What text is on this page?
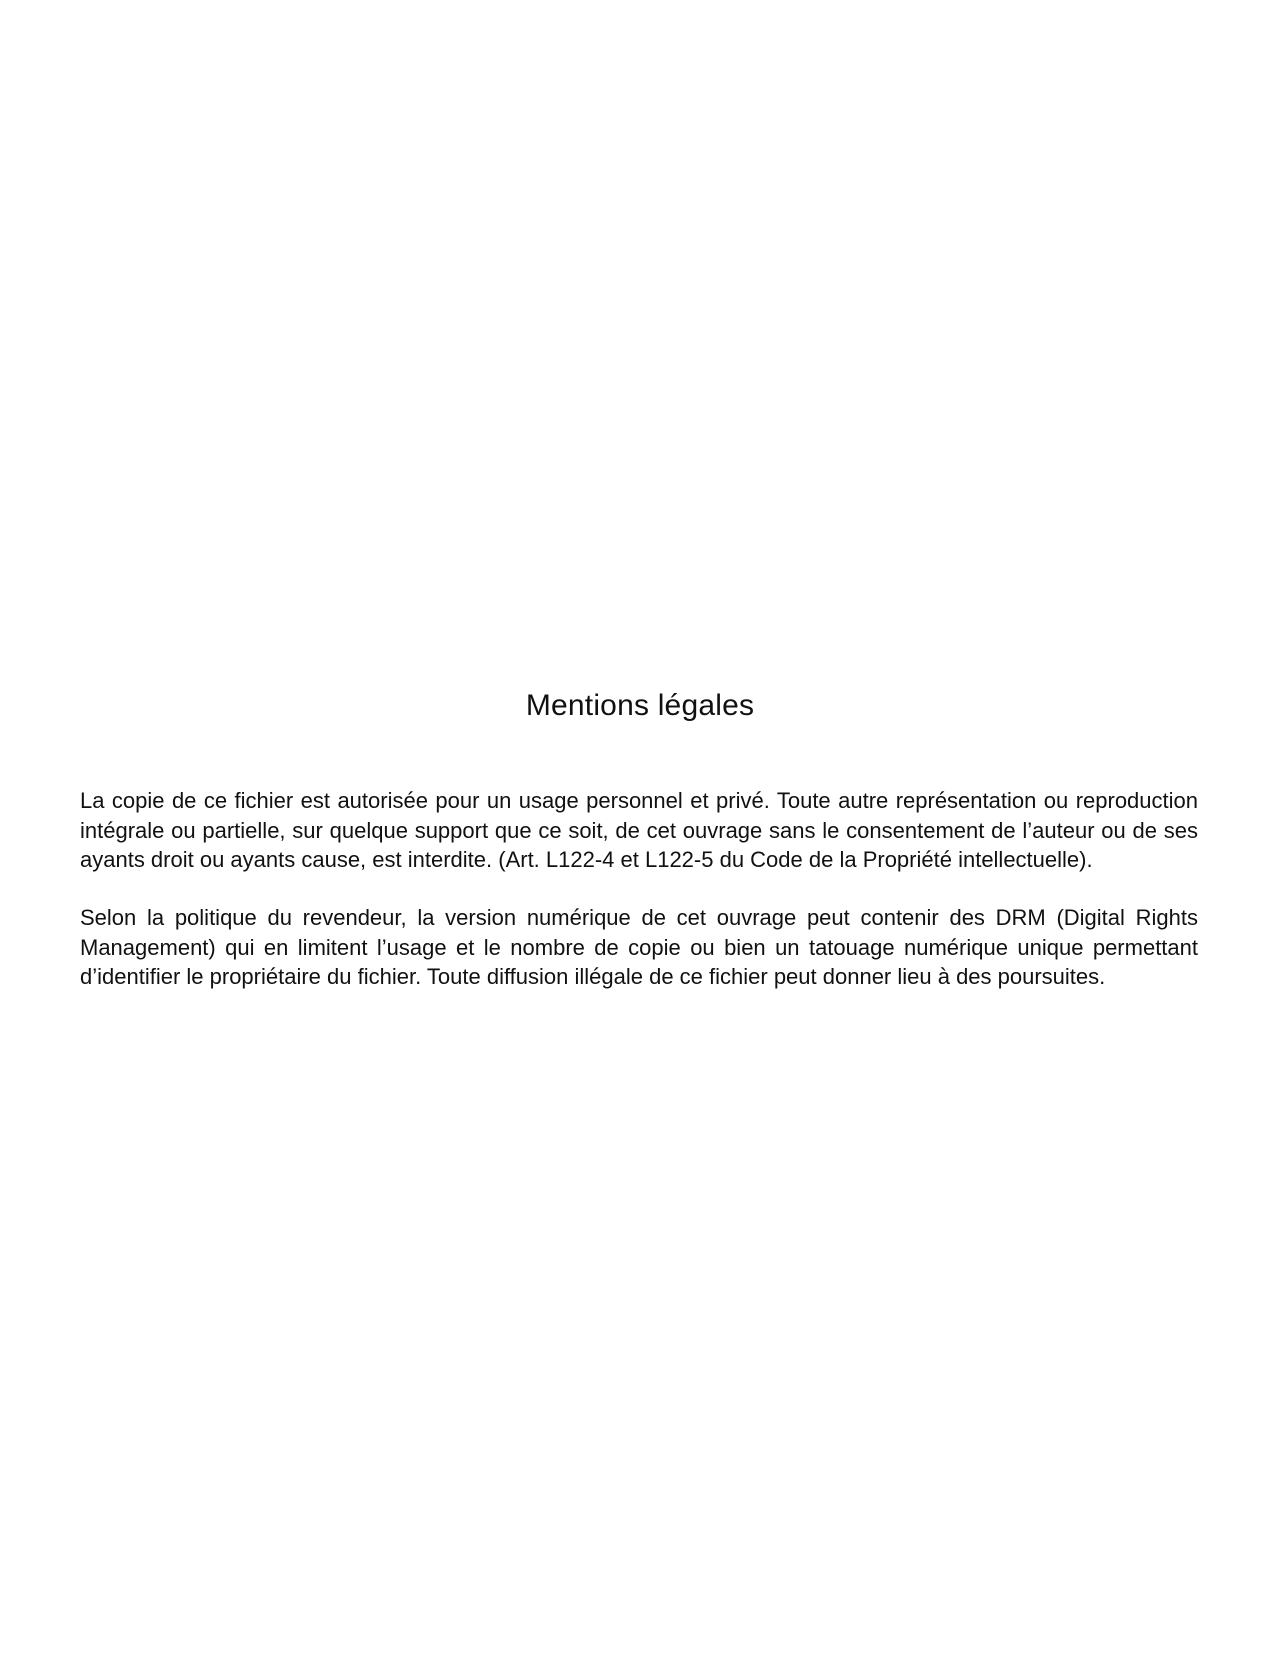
Mentions légales

La copie de ce fichier est autorisée pour un usage personnel et privé. Toute autre représentation ou reproduction intégrale ou partielle, sur quelque support que ce soit, de cet ouvrage sans le consentement de l’auteur ou de ses ayants droit ou ayants cause, est interdite. (Art. L122-4 et L122-5 du Code de la Propriété intellectuelle).

Selon la politique du revendeur, la version numérique de cet ouvrage peut contenir des DRM (Digital Rights Management) qui en limitent l’usage et le nombre de copie ou bien un tatouage numérique unique permettant d’identifier le propriétaire du fichier. Toute diffusion illégale de ce fichier peut donner lieu à des poursuites.
